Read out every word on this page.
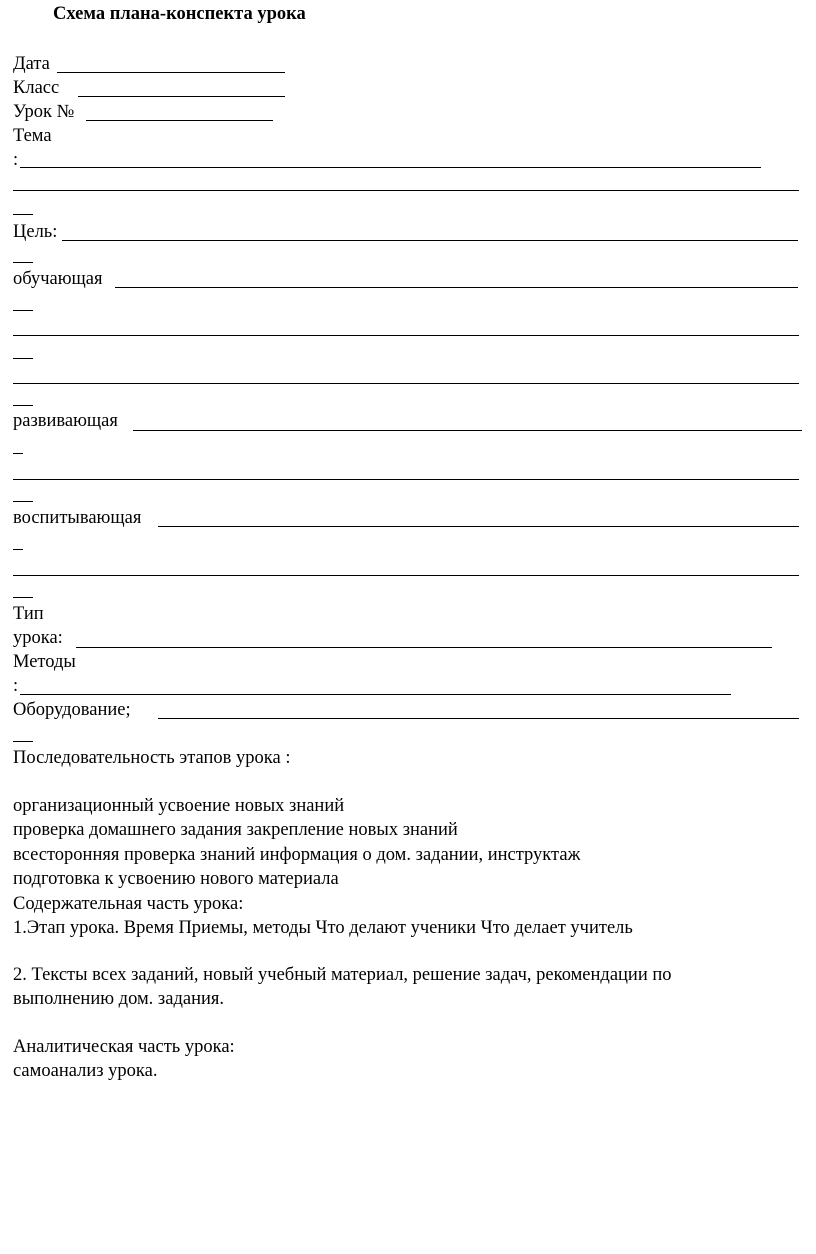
Схема плана-конспекта урока
Дата
Класс
Урок №
Тема
:
Цель:
обучающая
развивающая
воспитывающая
Тип
урока:
Методы
:
Оборудование;
Последовательность этапов урока :
организационный усвоение новых знаний
проверка домашнего задания закрепление новых знаний
всесторонняя проверка знаний информация о дом. задании, инструктаж
подготовка к усвоению нового материала
Содержательная часть урока:
1.Этап урока. Время Приемы, методы Что делают ученики Что делает учитель
2. Тексты всех заданий, новый учебный материал, решение задач, рекомендации по
выполнению дом. задания.
Аналитическая часть урока:
самоанализ урока.
